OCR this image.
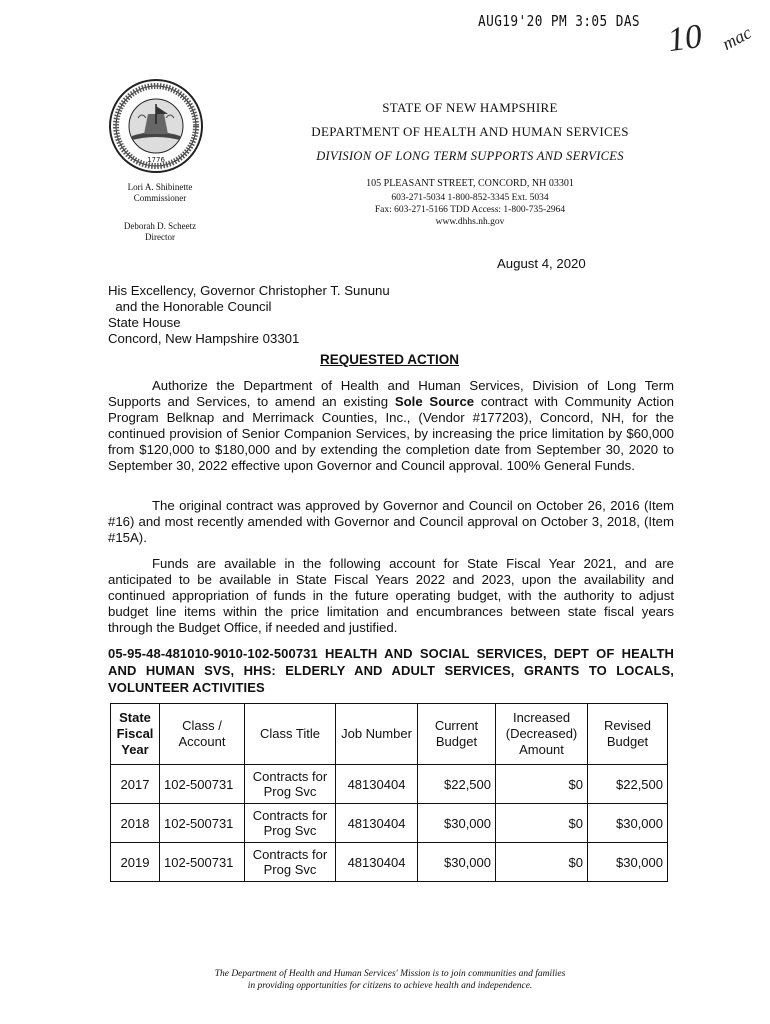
AUG19'20 PM 3:05 DAS 10 mac
1776
STATE OF NEW HAMPSHIRE
DEPARTMENT OF HEALTH AND HUMAN SERVICES
DIVISION OF LONG TERM SUPPORTS AND SERVICES
105 PLEASANT STREET, CONCORD, NH 03301
603-271-5034 1-800-852-3345 Ext. 5034
Fax: 603-271-5166 TDD Access: 1-800-735-2964
www.dhhs.nh.gov
Lori A. Shibinette
Commissioner
Deborah D. Scheetz
Director
August 4, 2020
His Excellency, Governor Christopher T. Sununu
and the Honorable Council
State House
Concord, New Hampshire 03301
REQUESTED ACTION
Authorize the Department of Health and Human Services, Division of Long Term Supports and Services, to amend an existing Sole Source contract with Community Action Program Belknap and Merrimack Counties, Inc., (Vendor #177203), Concord, NH, for the continued provision of Senior Companion Services, by increasing the price limitation by $60,000 from $120,000 to $180,000 and by extending the completion date from September 30, 2020 to September 30, 2022 effective upon Governor and Council approval. 100% General Funds.
The original contract was approved by Governor and Council on October 26, 2016 (Item #16) and most recently amended with Governor and Council approval on October 3, 2018, (Item #15A).
Funds are available in the following account for State Fiscal Year 2021, and are anticipated to be available in State Fiscal Years 2022 and 2023, upon the availability and continued appropriation of funds in the future operating budget, with the authority to adjust budget line items within the price limitation and encumbrances between state fiscal years through the Budget Office, if needed and justified.
05-95-48-481010-9010-102-500731 HEALTH AND SOCIAL SERVICES, DEPT OF HEALTH AND HUMAN SVS, HHS: ELDERLY AND ADULT SERVICES, GRANTS TO LOCALS, VOLUNTEER ACTIVITIES
State Fiscal Year	Class / Account	Class Title	Job Number	Current Budget	Increased (Decreased) Amount	Revised Budget
2017	102-500731	Contracts for Prog Svc	48130404	$22,500	$0	$22,500
2018	102-500731	Contracts for Prog Svc	48130404	$30,000	$0	$30,000
2019	102-500731	Contracts for Prog Svc	48130404	$30,000	$0	$30,000
The Department of Health and Human Services' Mission is to join communities and families
in providing opportunities for citizens to achieve health and independence.
